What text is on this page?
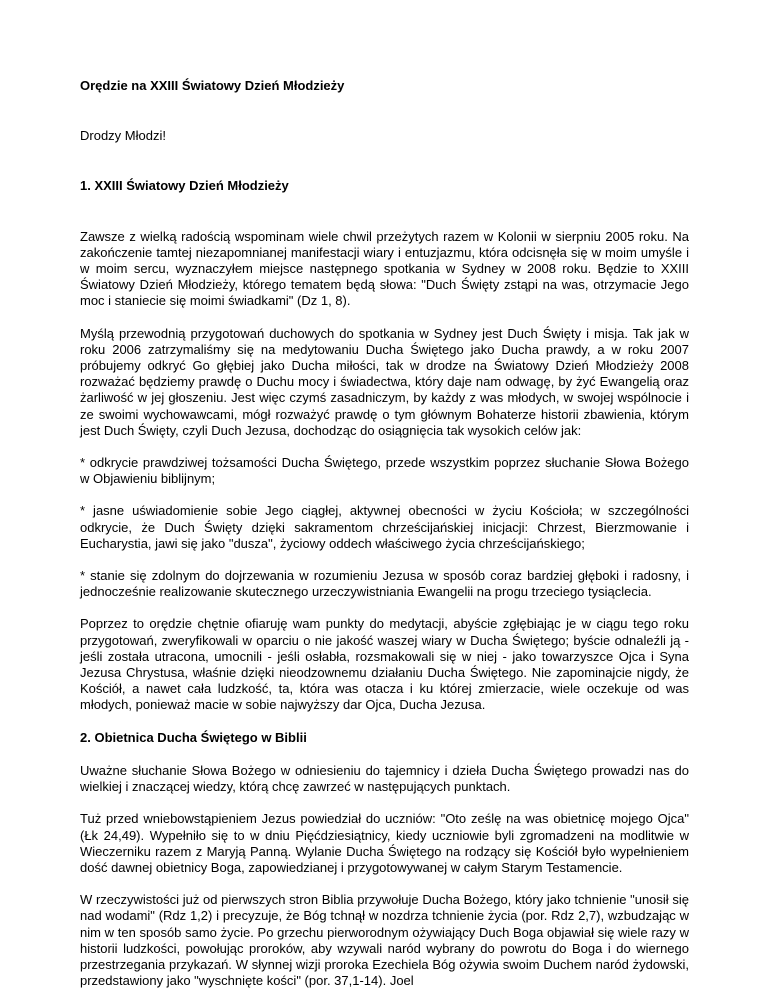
Orędzie na XXIII Światowy Dzień Młodzieży
Drodzy Młodzi!
1. XXIII Światowy Dzień Młodzieży

Zawsze z wielką radością wspominam wiele chwil przeżytych razem w Kolonii w sierpniu 2005 roku. Na zakończenie tamtej niezapomnianej manifestacji wiary i entuzjazmu, która odcisnęła się w moim umyśle i w moim sercu, wyznaczyłem miejsce następnego spotkania w Sydney w 2008 roku. Będzie to XXIII Światowy Dzień Młodzieży, którego tematem będą słowa: "Duch Święty zstąpi na was, otrzymacie Jego moc i staniecie się moimi świadkami" (Dz 1, 8).

Myślą przewodnią przygotowań duchowych do spotkania w Sydney jest Duch Święty i misja. Tak jak w roku 2006 zatrzymaliśmy się na medytowaniu Ducha Świętego jako Ducha prawdy, a w roku 2007 próbujemy odkryć Go głębiej jako Ducha miłości, tak w drodze na Światowy Dzień Młodzieży 2008 rozważać będziemy prawdę o Duchu mocy i świadectwa, który daje nam odwagę, by żyć Ewangelią oraz żarliwość w jej głoszeniu. Jest więc czymś zasadniczym, by każdy z was młodych, w swojej wspólnocie i ze swoimi wychowawcami, mógł rozważyć prawdę o tym głównym Bohaterze historii zbawienia, którym jest Duch Święty, czyli Duch Jezusa, dochodząc do osiągnięcia tak wysokich celów jak:

* odkrycie prawdziwej tożsamości Ducha Świętego, przede wszystkim poprzez słuchanie Słowa Bożego w Objawieniu biblijnym;

* jasne uświadomienie sobie Jego ciągłej, aktywnej obecności w życiu Kościoła; w szczególności odkrycie, że Duch Święty dzięki sakramentom chrześcijańskiej inicjacji: Chrzest, Bierzmowanie i Eucharystia, jawi się jako "dusza", życiowy oddech właściwego życia chrześcijańskiego;

* stanie się zdolnym do dojrzewania w rozumieniu Jezusa w sposób coraz bardziej głęboki i radosny, i jednocześnie realizowanie skutecznego urzeczywistniania Ewangelii na progu trzeciego tysiąclecia.

Poprzez to orędzie chętnie ofiaruję wam punkty do medytacji, abyście zgłębiając je w ciągu tego roku przygotowań, zweryfikowali w oparciu o nie jakość waszej wiary w Ducha Świętego; byście odnaleźli ją - jeśli została utracona, umocnili - jeśli osłabła, rozsmakowali się w niej - jako towarzyszce Ojca i Syna Jezusa Chrystusa, właśnie dzięki nieodzownemu działaniu Ducha Świętego. Nie zapominajcie nigdy, że Kościół, a nawet cała ludzkość, ta, która was otacza i ku której zmierzacie, wiele oczekuje od was młodych, ponieważ macie w sobie najwyższy dar Ojca, Ducha Jezusa.

2. Obietnica Ducha Świętego w Biblii

Uważne słuchanie Słowa Bożego w odniesieniu do tajemnicy i dzieła Ducha Świętego prowadzi nas do wielkiej i znaczącej wiedzy, którą chcę zawrzeć w następujących punktach.

Tuż przed wniebowstąpieniem Jezus powiedział do uczniów: "Oto ześlę na was obietnicę mojego Ojca" (Łk 24,49). Wypełniło się to w dniu Pięćdziesiątnicy, kiedy uczniowie byli zgromadzeni na modlitwie w Wieczerniku razem z Maryją Panną. Wylanie Ducha Świętego na rodzący się Kościół było wypełnieniem dość dawnej obietnicy Boga, zapowiedzianej i przygotowywanej w całym Starym Testamencie.

W rzeczywistości już od pierwszych stron Biblia przywołuje Ducha Bożego, który jako tchnienie "unosił się nad wodami" (Rdz 1,2) i precyzuje, że Bóg tchnął w nozdrza tchnienie życia (por. Rdz 2,7), wzbudzając w nim w ten sposób samo życie. Po grzechu pierworodnym ożywiający Duch Boga objawiał się wiele razy w historii ludzkości, powołując proroków, aby wzywali naród wybrany do powrotu do Boga i do wiernego przestrzegania przykazań. W słynnej wizji proroka Ezechiela Bóg ożywia swoim Duchem naród żydowski, przedstawiony jako "wyschnięte kości" (por. 37,1-14). Joel
